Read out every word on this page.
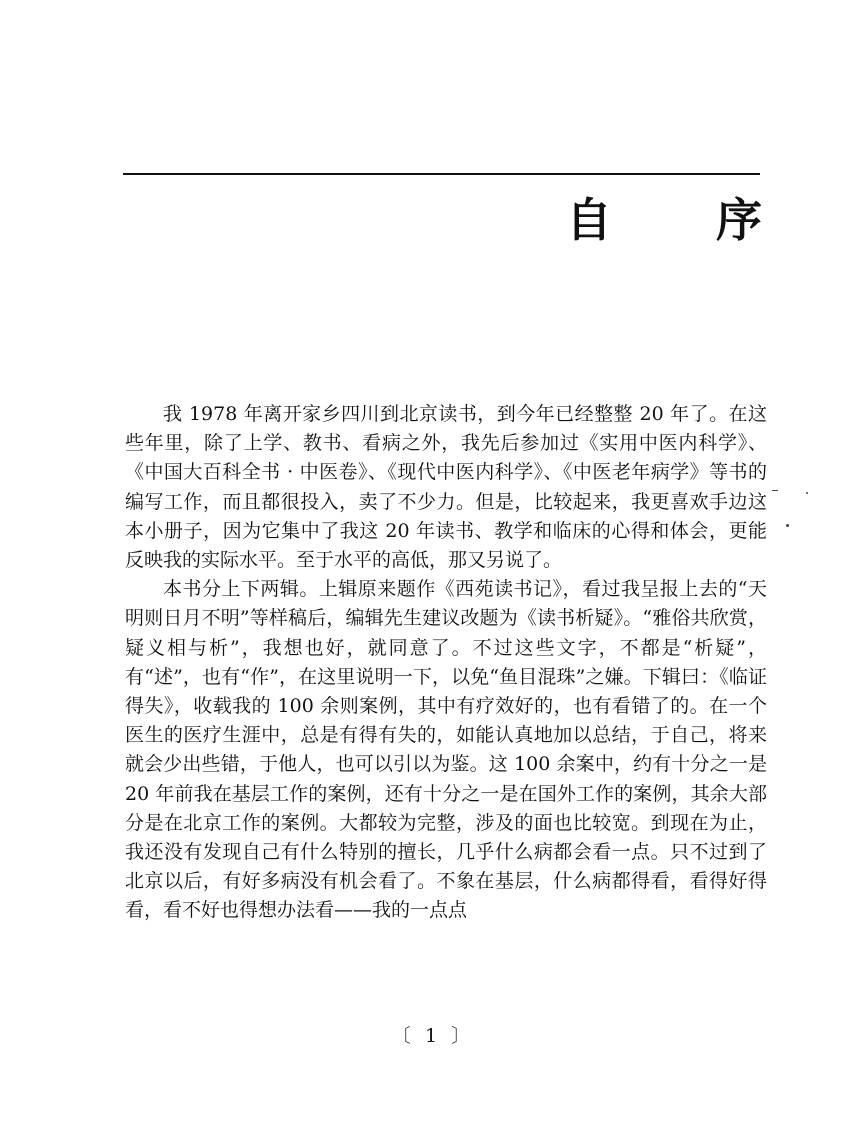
自 序

我 1978 年离开家乡四川到北京读书，到今年已经整整 20 年了。在这些年里，除了上学、教书、看病之外，我先后参加过《实用中医内科学》、《中国大百科全书 · 中医卷》、《现代中医内科学》、《中医老年病学》等书的编写工作，而且都很投入，卖了不少力。但是，比较起来，我更喜欢手边这本小册子，因为它集中了我这 20 年读书、教学和临床的心得和体会，更能反映我的实际水平。至于水平的高低，那又另说了。

本书分上下两辑。上辑原来题作《西苑读书记》，看过我呈报上去的“天明则日月不明”等样稿后，编辑先生建议改题为《读书析疑》。“雅俗共欣赏，疑义相与析”，我想也好，就同意了。不过这些文字，不都是“析疑”，有“述”，也有“作”，在这里说明一下，以免“鱼目混珠”之嫌。下辑曰：《临证得失》，收载我的 100 余则案例，其中有疗效好的，也有看错了的。在一个医生的医疗生涯中，总是有得有失的，如能认真地加以总结，于自己，将来就会少出些错，于他人，也可以引以为鉴。这 100 余案中，约有十分之一是 20 年前我在基层工作的案例，还有十分之一是在国外工作的案例，其余大部分是在北京工作的案例。大都较为完整，涉及的面也比较宽。到现在为止，我还没有发现自己有什么特别的擅长，几乎什么病都会看一点。只不过到了北京以后，有好多病没有机会看了。不象在基层，什么病都得看，看得好得看，看不好也得想办法看——我的一点点

〔 1 〕
